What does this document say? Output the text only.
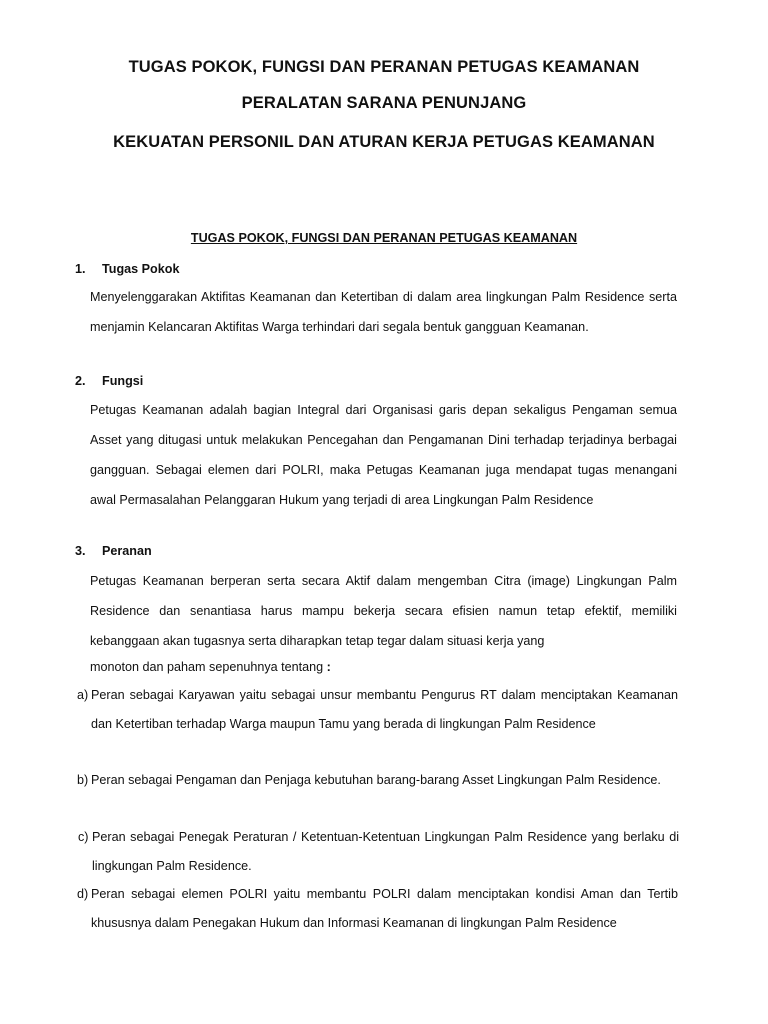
TUGAS POKOK, FUNGSI DAN PERANAN PETUGAS KEAMANAN
PERALATAN SARANA PENUNJANG
KEKUATAN PERSONIL DAN ATURAN KERJA PETUGAS KEAMANAN
TUGAS POKOK, FUNGSI DAN PERANAN PETUGAS KEAMANAN
1. Tugas Pokok
Menyelenggarakan Aktifitas Keamanan dan Ketertiban di dalam area lingkungan Palm Residence serta menjamin Kelancaran Aktifitas Warga terhindari dari segala bentuk gangguan Keamanan.
2. Fungsi
Petugas Keamanan adalah bagian Integral dari Organisasi garis depan sekaligus Pengaman semua Asset yang ditugasi untuk melakukan Pencegahan dan Pengamanan Dini terhadap terjadinya berbagai gangguan. Sebagai elemen dari POLRI, maka Petugas Keamanan juga mendapat tugas menangani awal Permasalahan Pelanggaran Hukum yang terjadi di area Lingkungan Palm Residence
3. Peranan
Petugas Keamanan berperan serta secara Aktif dalam mengemban Citra (image) Lingkungan Palm Residence dan senantiasa harus mampu bekerja secara efisien namun tetap efektif, memiliki kebanggaan akan tugasnya serta diharapkan tetap tegar dalam situasi kerja yang
monoton dan paham sepenuhnya tentang :
a) Peran sebagai Karyawan yaitu sebagai unsur membantu Pengurus RT dalam menciptakan Keamanan dan Ketertiban terhadap Warga maupun Tamu yang berada di lingkungan Palm Residence
b) Peran sebagai Pengaman dan Penjaga kebutuhan barang-barang Asset Lingkungan Palm Residence.
c) Peran sebagai Penegak Peraturan / Ketentuan-Ketentuan Lingkungan Palm Residence yang berlaku di lingkungan Palm Residence.
d) Peran sebagai elemen POLRI yaitu membantu POLRI dalam menciptakan kondisi Aman dan Tertib khususnya dalam Penegakan Hukum dan Informasi Keamanan di lingkungan Palm Residence
